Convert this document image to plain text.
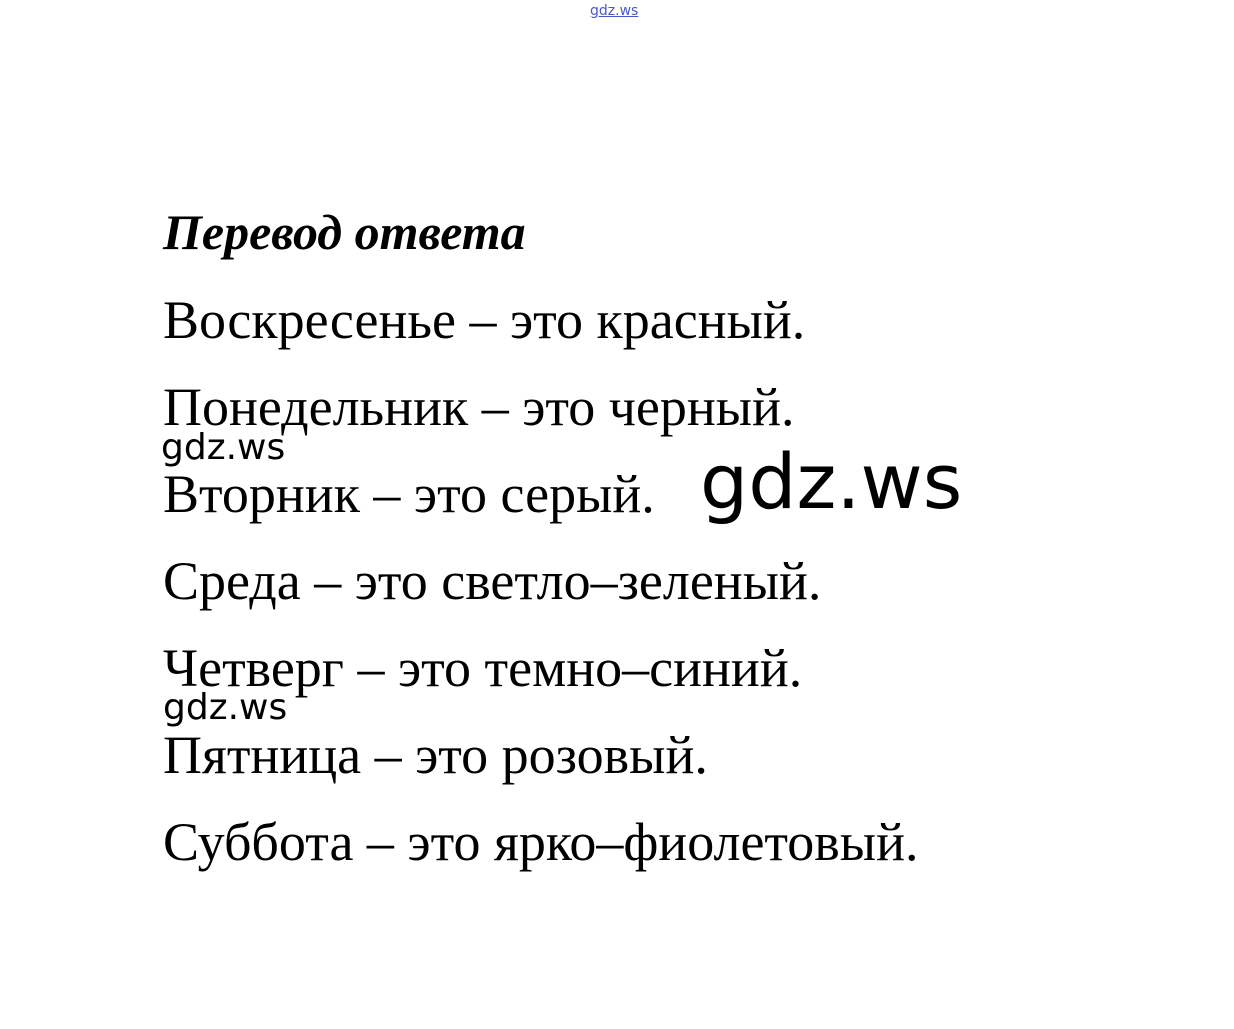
gdz.ws
Перевод ответа
Воскресенье – это красный.
Понедельник – это черный.
Вторник – это серый.
Среда – это светло–зеленый.
Четверг – это темно–синий.
Пятница – это розовый.
Суббота – это ярко–фиолетовый.
gdz.ws	gdz.ws
gdz.ws
